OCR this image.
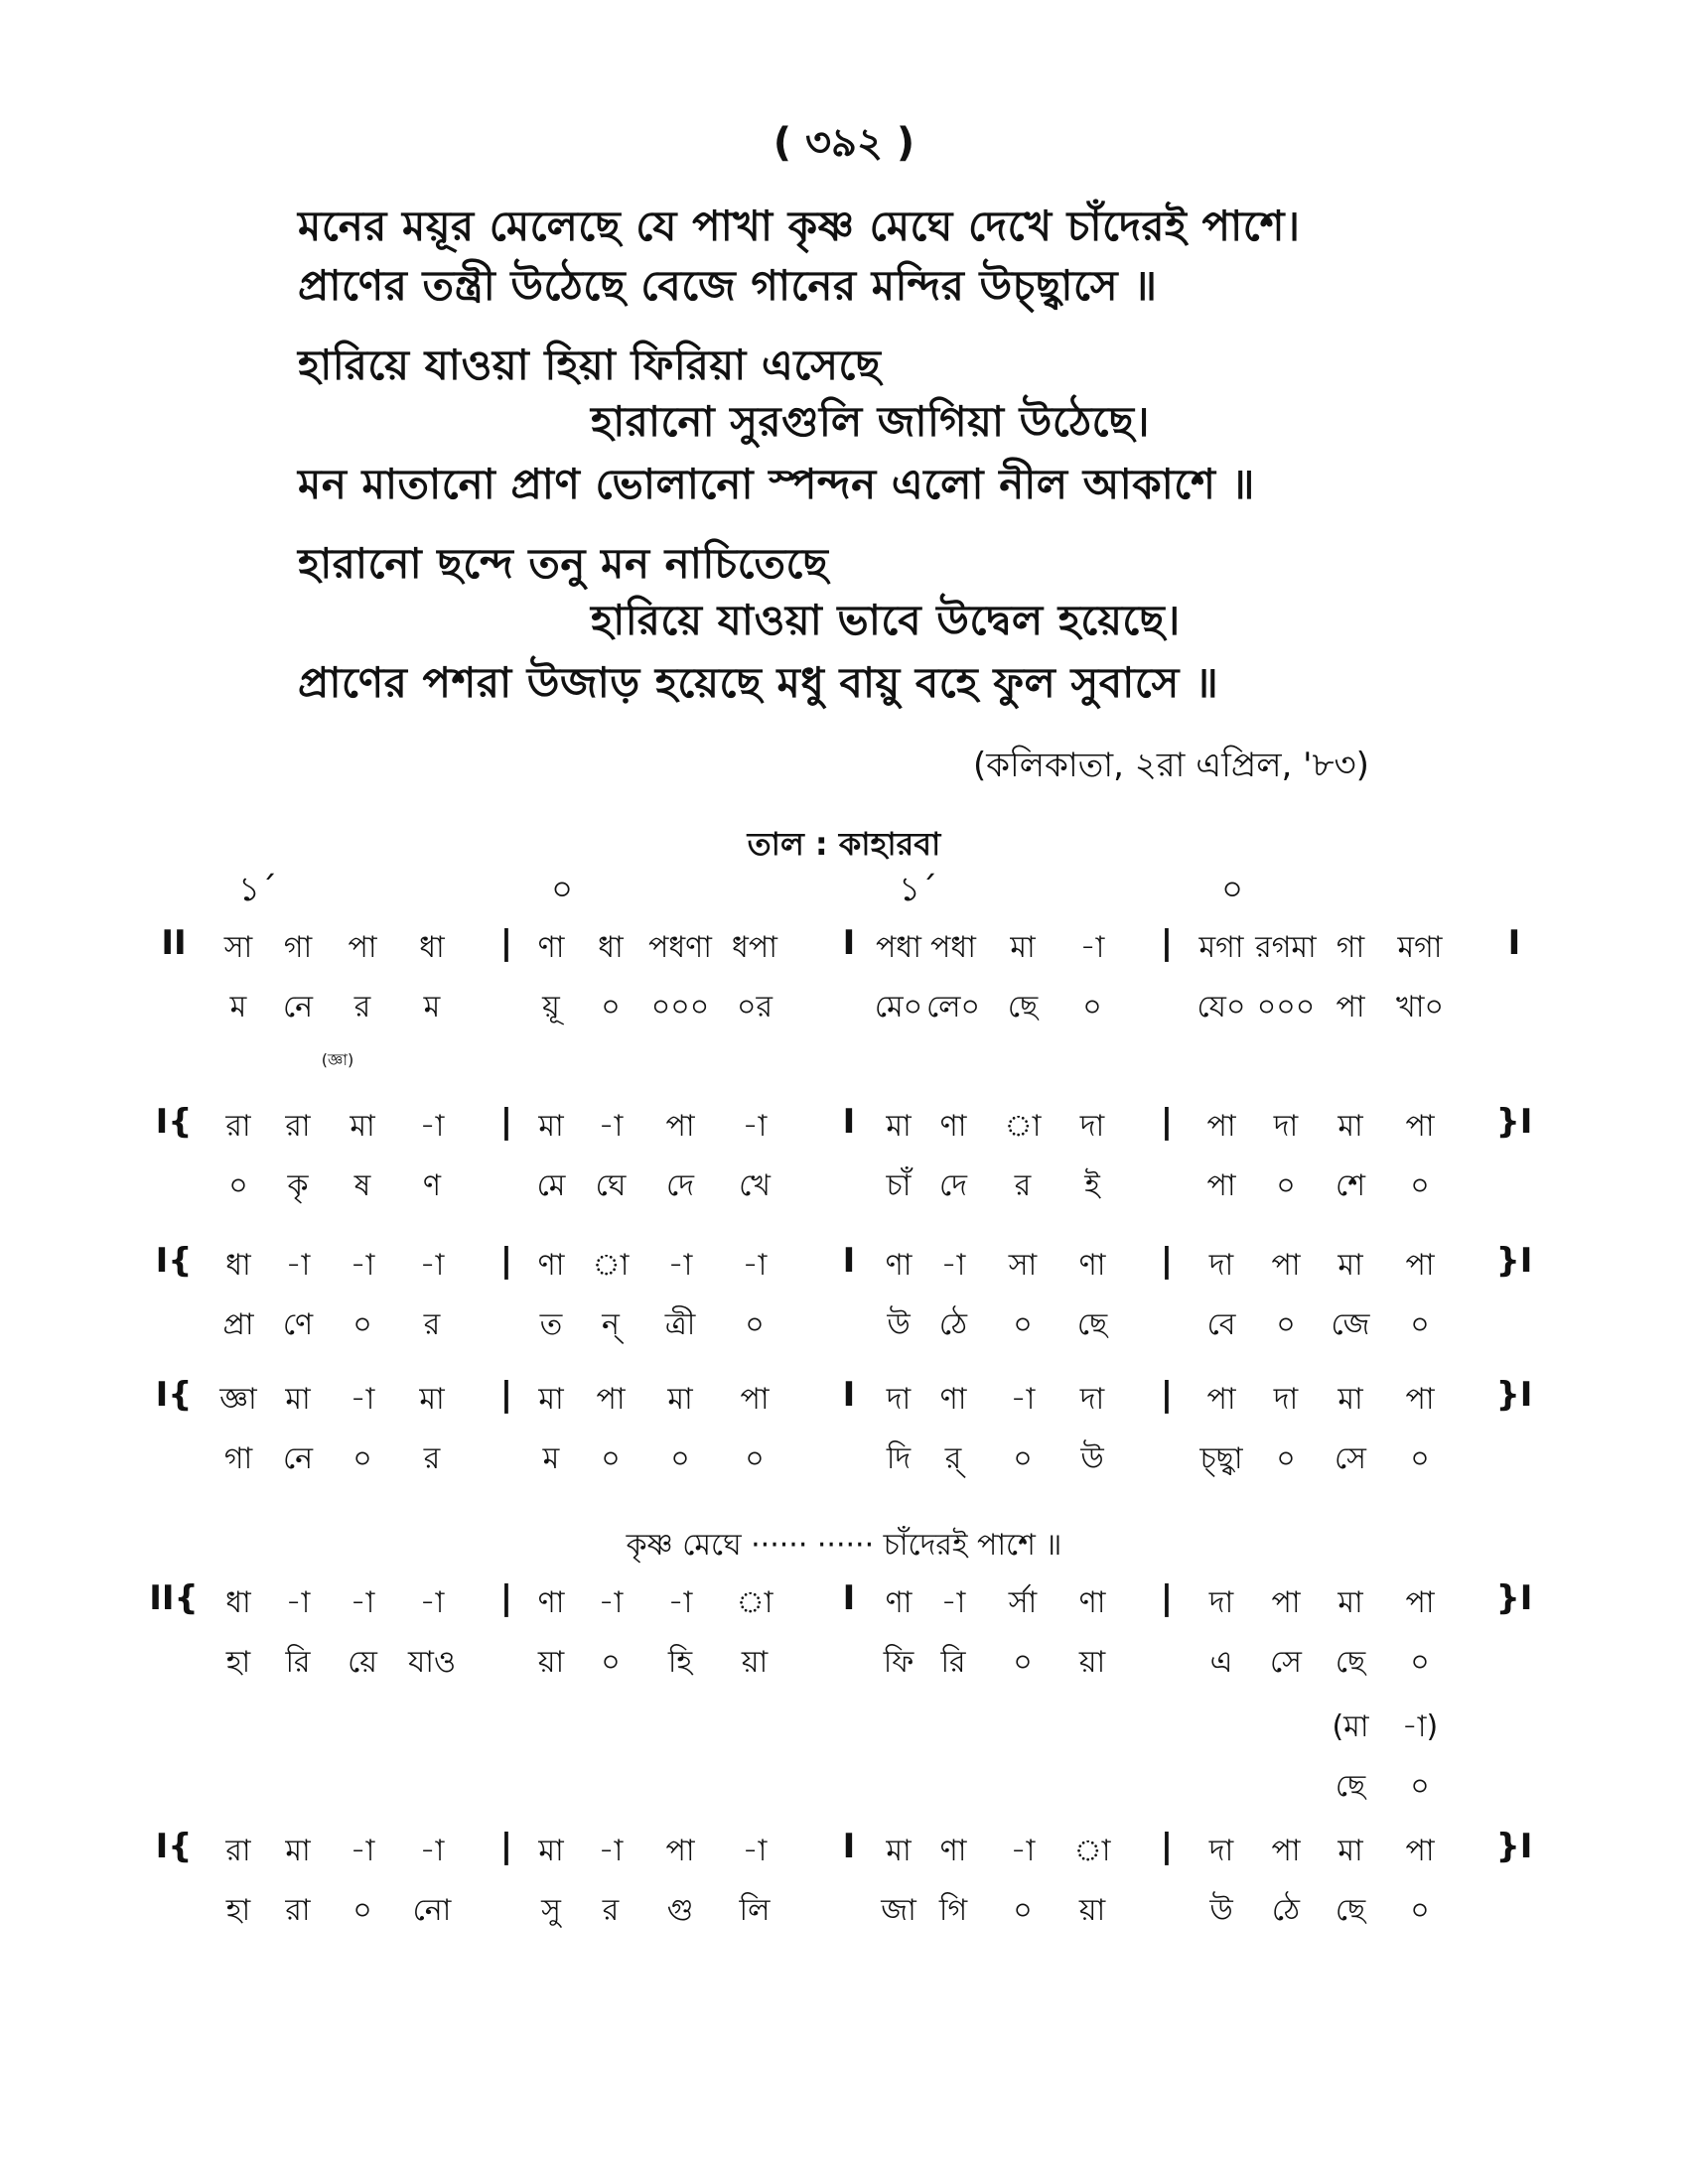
( ৩৯২ )
মনের ময়ূর মেলেছে যে পাখা কৃষ্ণ মেঘে দেখে চাঁদেরই পাশে।
প্রাণের তন্ত্রী উঠেছে বেজে গানের মন্দির উচ্ছ্বাসে ॥
হারিয়ে যাওয়া হিয়া ফিরিয়া এসেছে
হারানো সুরগুলি জাগিয়া উঠেছে।
মন মাতানো প্রাণ ভোলানো স্পন্দন এলো নীল আকাশে ॥
হারানো ছন্দে তনু মন নাচিতেছে
হারিয়ে যাওয়া ভাবে উদ্বেল হয়েছে।
প্রাণের পশরা উজাড় হয়েছে মধু বায়ু বহে ফুল সুবাসে ॥
(কলিকাতা, ২রা এপ্রিল, '৮৩)
তাল : কাহারবা
১´	০	১´	০
কৃষ্ণ মেঘে ······ ······ চাঁদেরই পাশে ॥
II	I
সা গা পা ধা | ণা ধা পধণা ধপা I পধা পধা মা -া | মগা রগমা গা মগা
ম নে র ম	য়ূ ০ ০০০ ০র	মে০ লে০ ছে ০	যে০ ০০০ পা খা০
(জ্ঞা)
I{	}I
রা রা মা -া | মা -া পা -া I মা ণা া দা | পা দা মা পা
০ কৃ ষ ণ	মে ঘে দে খে	চাঁ দে র ই	পা ০ শে ০
I{	}I
ধা -া -া -া | ণা া -া -া I ণা -া সা ণা | দা পা মা পা
প্রা ণে ০ র	ত ন্ ত্রী ০	উ ঠে ০ ছে	বে ০ জে ০
I{	}I
জ্ঞা মা -া মা | মা পা মা পা I দা ণা -া দা | পা দা মা পা
গা নে ০ র	ম ০ ০ ০	দি র্ ০ উ	চ্ছ্বা ০ সে ০
II{	}I
ধা -া -া -া | ণা -া -া া I ণা -া র্সা ণা | দা পা মা পা
হা রি য়ে যাও	য়া ০ হি য়া	ফি রি ০ য়া	এ সে ছে ০
(মা -া)
ছে ০
I{	}I
রা মা -া -া | মা -া পা -া I মা ণা -া া | দা পা মা পা
হা রা ০ নো	সু র গু লি	জা গি ০ য়া	উ ঠে ছে ০
